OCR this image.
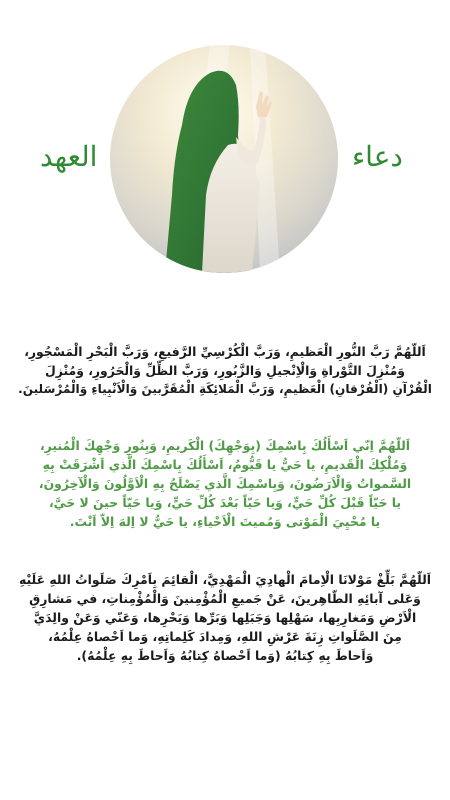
دعاء
العهد
اَللّهُمَّ رَبَّ النُّورِ الْعَظيمِ، وَرَبَّ الْكُرْسِيِّ الرَّفيعِ، وَرَبَّ الْبَحْرِ الْمَسْجُورِ،
وَمُنْزِلَ التَّوْراةِ وَالْاِنْجيلِ وَالزَّبُورِ، وَرَبَّ الظِّلِّ وَالْحَرُورِ، وَمُنْزِلَ
الْقُرْآنِ (الْفُرْقانِ) الْعَظيمِ، وَرَبَّ الْمَلائِكَةِ الْمُقَرَّبينَ وَالْاَنْبِياءِ وَالْمُرْسَلينَ.
اَللّهُمَّ اِنّي اَسْأَلُكَ بِاسْمِكَ (بِوَجْهِكَ) الْكَريمِ، وَبِنُورِ وَجْهِكَ الْمُنيرِ،
وَمُلْكِكَ الْقَديمِ، يا حَيُّ يا قَيُّومُ، اَسْأَلُكَ بِاسْمِكَ الَّذي اَشْرَقَتْ بِهِ
السَّمواتُ وَالْاَرَضُونَ، وَبِاسْمِكَ الَّذي يَصْلَحُ بِهِ الْاَوَّلُونَ وَالْآخِرُونَ،
يا حَيّاً قَبْلَ كُلِّ حَيٍّ، وَيا حَيّاً بَعْدَ كُلِّ حَيٍّ، وَيا حَيّاً حينَ لا حَيَّ،
يا مُحْيِيَ الْمَوْتى وَمُميتَ الْاَحْياءِ، يا حَيُّ لا اِلهَ اِلاّ اَنْتَ.
اَللّهُمَّ بَلِّغْ مَوْلانَا الْاِمامَ الْهادِيَ الْمَهْدِيَّ، الْقائِمَ بِاَمْرِكَ صَلَواتُ اللهِ عَلَيْهِ
وَعَلى آبائِهِ الطّاهِرينَ، عَنْ جَميعِ الْمُؤْمِنينَ وَالْمُؤْمِناتِ، في مَشارِقِ
الْاَرْضِ وَمَغارِبِها، سَهْلِها وَجَبَلِها وَبَرِّها وَبَحْرِها، وَعَنّي وَعَنْ والِدَيَّ
مِنَ الصَّلَواتِ زِنَةَ عَرْشِ اللهِ، وَمِدادَ كَلِماتِهِ، وَما اَحْصاهُ عِلْمُهُ،
وَاَحاطَ بِهِ كِتابُهُ (وَما اَحْصاهُ كِتابُهُ وَاَحاطَ بِهِ عِلْمُهُ).
